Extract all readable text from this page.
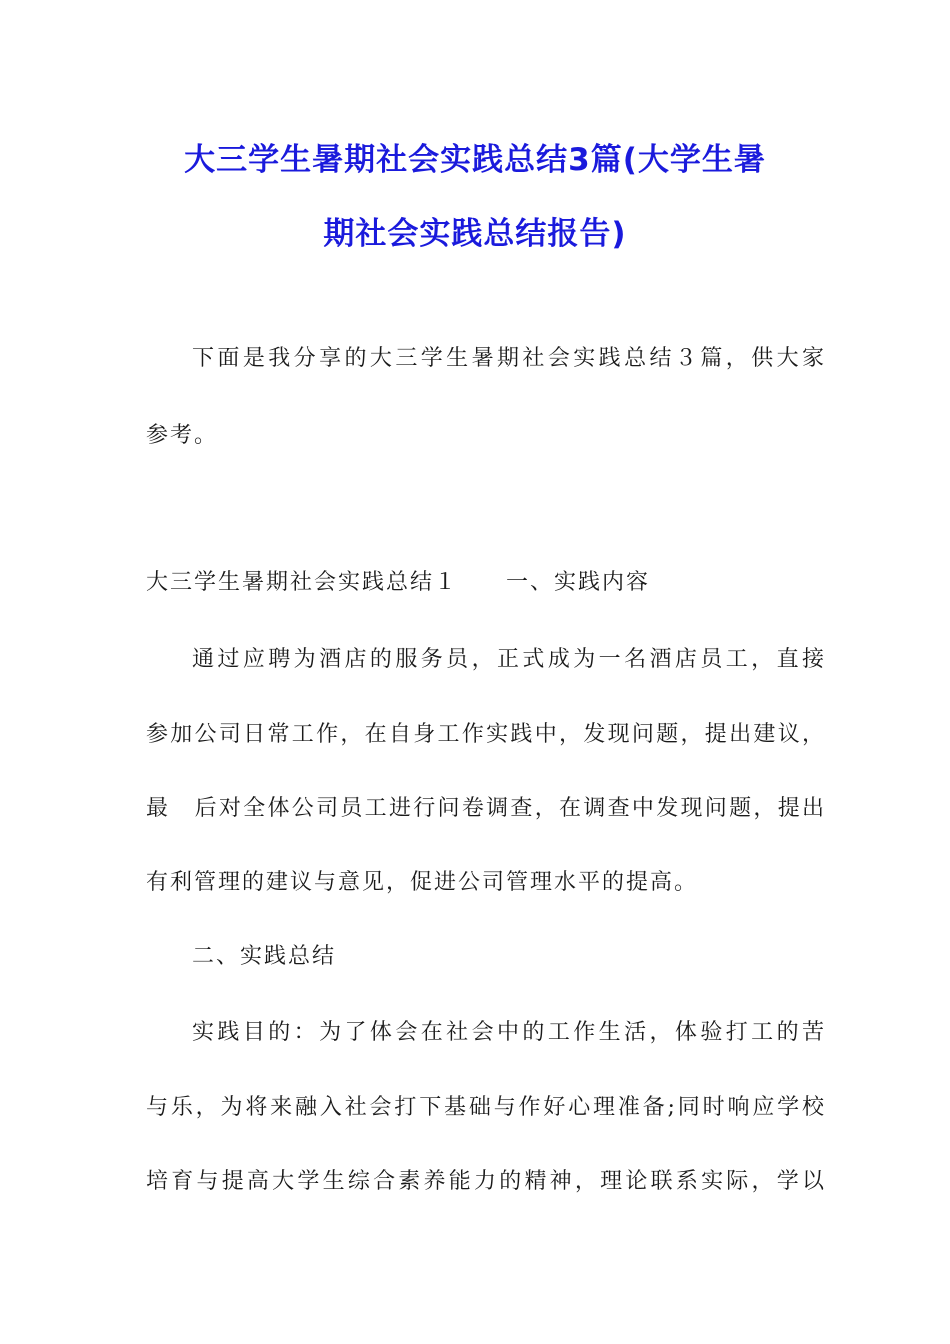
大三学生暑期社会实践总结3篇(大学生暑
期社会实践总结报告)
下面是我分享的大三学生暑期社会实践总结３篇，供大家
参考。
大三学生暑期社会实践总结１　　一、实践内容
通过应聘为酒店的服务员，正式成为一名酒店员工，直接
参加公司日常工作，在自身工作实践中，发现问题，提出建议，
最　后对全体公司员工进行问卷调查，在调查中发现问题，提出
有利管理的建议与意见，促进公司管理水平的提高。
二、实践总结
实践目的：为了体会在社会中的工作生活，体验打工的苦
与乐，为将来融入社会打下基础与作好心理准备;同时响应学校
培育与提高大学生综合素养能力的精神，理论联系实际，学以
